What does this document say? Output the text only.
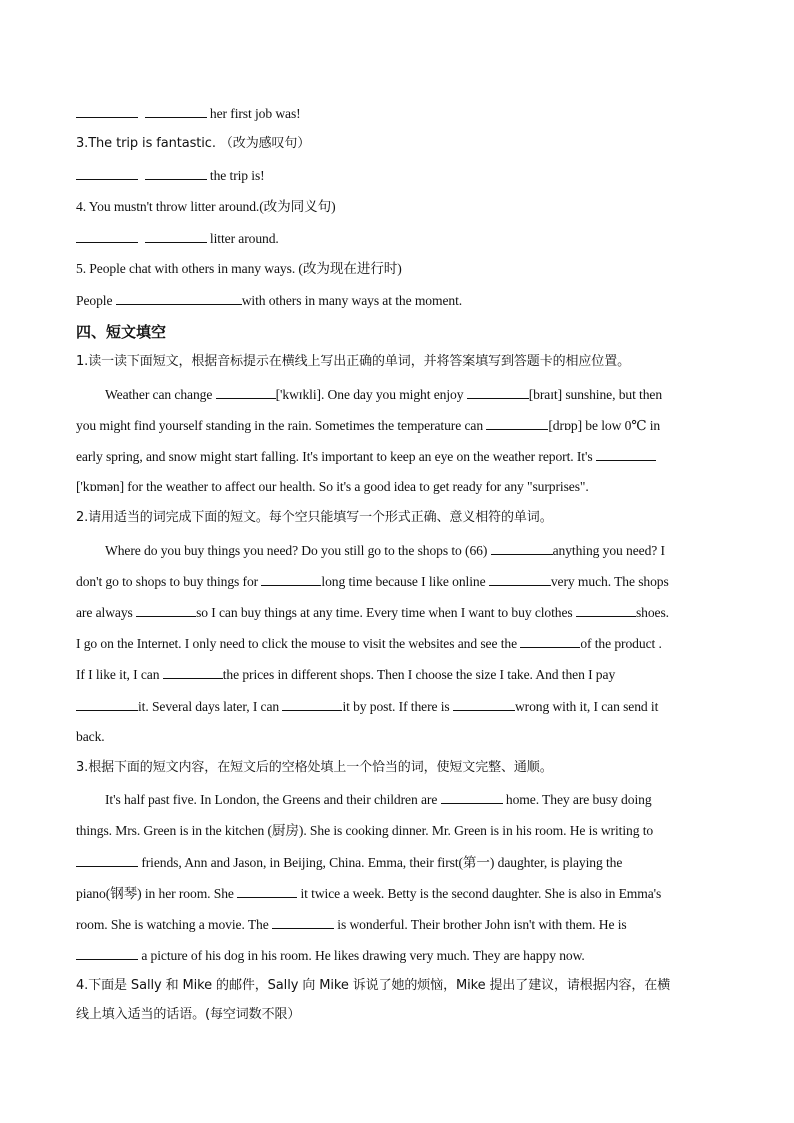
her first job was!
3.The trip is fantastic. （改为感叹句）
the trip is!
4. You mustn't throw litter around.(改为同义句)
litter around.
5. People chat with others in many ways. (改为现在进行时)
People	with others in many ways at the moment.
四、短文填空
1.读一读下面短文，根据音标提示在横线上写出正确的单词，并将答案填写到答题卡的相应位置。
Weather can change	['kwɪkli]. One day you might enjoy	[braɪt] sunshine, but then
you might find yourself standing in the rain. Sometimes the temperature can	[drɒp] be low 0℃ in
early spring, and snow might start falling. It's important to keep an eye on the weather report. It's
['kɒmən] for the weather to affect our health. So it's a good idea to get ready for any "surprises".
2.请用适当的词完成下面的短文。每个空只能填写一个形式正确、意义相符的单词。
Where do you buy things you need? Do you still go to the shops to (66)	anything you need? I
don't go to shops to buy things for	long time because I like online	very much. The shops
are always	so I can buy things at any time. Every time when I want to buy clothes	shoes.
I go on the Internet. I only need to click the mouse to visit the websites and see the	of the product .
If I like it, I can	the prices in different shops. Then I choose the size I take. And then I pay
it. Several days later, I can	it by post. If there is	wrong with it, I can send it
back.
3.根据下面的短文内容，在短文后的空格处填上一个恰当的词，使短文完整、通顺。
It's half past five. In London, the Greens and their children are	home. They are busy doing
things. Mrs. Green is in the kitchen (厨房). She is cooking dinner. Mr. Green is in his room. He is writing to
friends, Ann and Jason, in Beijing, China. Emma, their first(第一) daughter, is playing the
piano(钢琴) in her room. She	it twice a week. Betty is the second daughter. She is also in Emma's
room. She is watching a movie. The	is wonderful. Their brother John isn't with them. He is
a picture of his dog in his room. He likes drawing very much. They are happy now.
4.下面是 Sally 和 Mike 的邮件，Sally 向 Mike 诉说了她的烦恼，Mike 提出了建议，请根据内容，在横
线上填入适当的话语。(每空词数不限）
